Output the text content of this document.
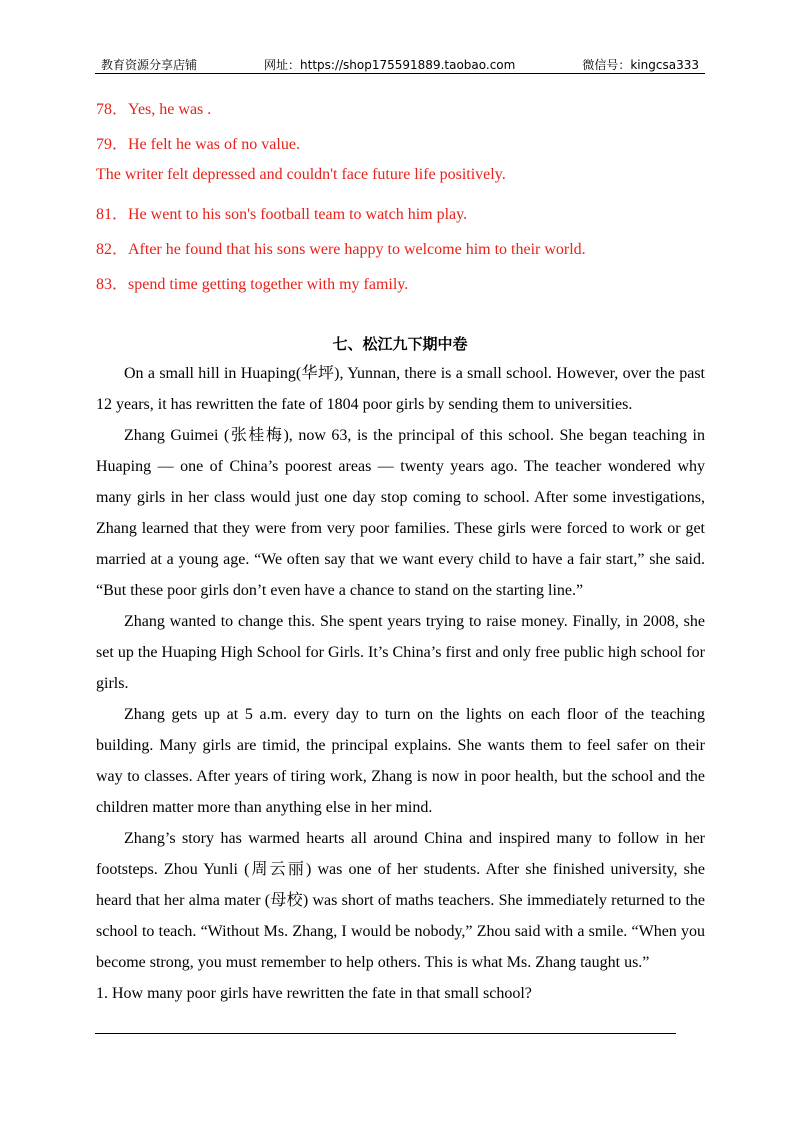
教育资源分享店铺	网址：https://shop175591889.taobao.com	微信号：kingcsa333
78．Yes, he was .
79．He felt he was of no value.
The writer felt depressed and couldn't face future life positively.
81．He went to his son's football team to watch him play.
82．After he found that his sons were happy to welcome him to their world.
83．spend time getting together with my family.
七、松江九下期中卷

On a small hill in Huaping(华坪), Yunnan, there is a small school. However, over the past 12 years, it has rewritten the fate of 1804 poor girls by sending them to universities.

Zhang Guimei (张桂梅), now 63, is the principal of this school. She began teaching in Huaping — one of China’s poorest areas — twenty years ago. The teacher wondered why many girls in her class would just one day stop coming to school. After some investigations, Zhang learned that they were from very poor families. These girls were forced to work or get married at a young age. “We often say that we want every child to have a fair start,” she said. “But these poor girls don’t even have a chance to stand on the starting line.”

Zhang wanted to change this. She spent years trying to raise money. Finally, in 2008, she set up the Huaping High School for Girls. It’s China’s first and only free public high school for girls.

Zhang gets up at 5 a.m. every day to turn on the lights on each floor of the teaching building. Many girls are timid, the principal explains. She wants them to feel safer on their way to classes. After years of tiring work, Zhang is now in poor health, but the school and the children matter more than anything else in her mind.

Zhang’s story has warmed hearts all around China and inspired many to follow in her footsteps. Zhou Yunli (周云丽) was one of her students. After she finished university, she heard that her alma mater (母校) was short of maths teachers. She immediately returned to the school to teach. “Without Ms. Zhang, I would be nobody,” Zhou said with a smile. “When you become strong, you must remember to help others. This is what Ms. Zhang taught us.”

1. How many poor girls have rewritten the fate in that small school?
